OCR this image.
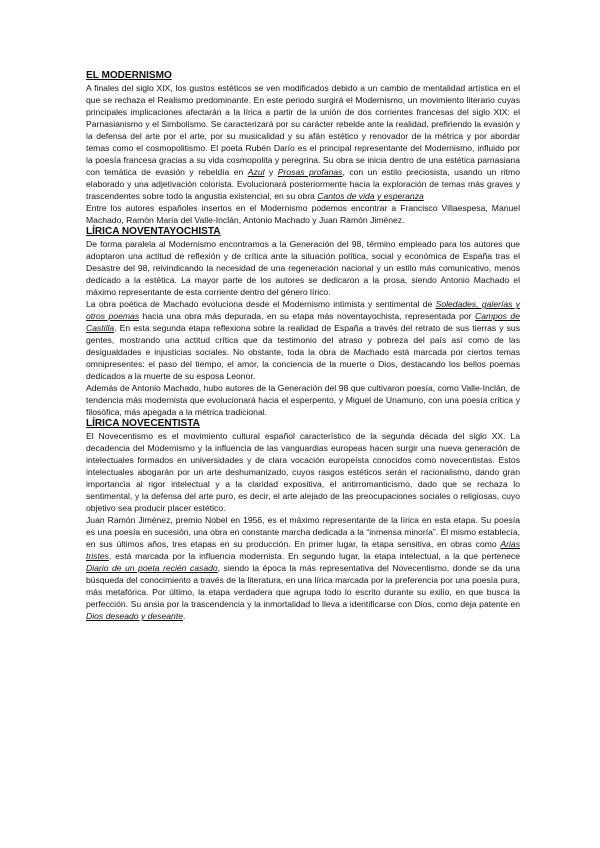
EL MODERNISMO

A finales del siglo XIX, los gustos estéticos se ven modificados debido a un cambio de mentalidad artística en el que se rechaza el Realismo predominante. En este periodo surgirá el Modernismo, un movimiento literario cuyas principales implicaciones afectarán a la lírica a partir de la unión de dos corrientes francesas del siglo XIX: el Parnasianismo y el Simbolismo. Se caracterizará por su carácter rebelde ante la realidad, prefiriendo la evasión y la defensa del arte por el arte, por su musicalidad y su afán estético y renovador de la métrica y por abordar temas como el cosmopolitismo. El poeta Rubén Darío es el principal representante del Modernismo, influido por la poesía francesa gracias a su vida cosmopolita y peregrina. Su obra se inicia dentro de una estética parnasiana con temática de evasión y rebeldía en Azul y Prosas profanas, con un estilo preciosista, usando un ritmo elaborado y una adjetivación colorista. Evolucionará posteriormente hacia la exploración de temas más graves y trascendentes sobre todo la angustia existencial, en su obra Cantos de vida y esperanza

Entre los autores españoles insertos en el Modernismo podemos encontrar a Francisco Villaespesa, Manuel Machado, Ramón María del Valle-Inclán, Antonio Machado y Juan Ramón Jiménez.

LÍRICA NOVENTAYOCHISTA

De forma paralela al Modernismo encontramos a la Generación del 98, término empleado para los autores que adoptaron una actitud de reflexión y de crítica ante la situación política, social y económica de España tras el Desastre del 98, reivindicando la necesidad de una regeneración nacional y un estilo más comunicativo, menos dedicado a la estética. La mayor parte de los autores se dedicaron a la prosa, siendo Antonio Machado el máximo representante de esta corriente dentro del género lírico.

La obra poética de Machado evoluciona desde el Modernismo intimista y sentimental de Soledades, galerías y otros poemas hacia una obra más depurada, en su etapa más noventayochista, representada por Campos de Castilla. En esta segunda etapa reflexiona sobre la realidad de España a través del retrato de sus tierras y sus gentes, mostrando una actitud crítica que da testimonio del atraso y pobreza del país así como de las desigualdades e injusticias sociales. No obstante, toda la obra de Machado está marcada por ciertos temas omnipresentes: el paso del tiempo, el amor, la conciencia de la muerte o Dios, destacando los bellos poemas dedicados a la muerte de su esposa Leonor.

Además de Antonio Machado, hubo autores de la Generación del 98 que cultivaron poesía, como Valle-Inclán, de tendencia más modernista que evolucionará hacia el esperpento, y Miguel de Unamuno, con una poesía crítica y filosófica, más apegada a la métrica tradicional.

LÍRICA NOVECENTISTA

El Novecentismo es el movimiento cultural español característico de la segunda década del siglo XX. La decadencia del Modernismo y la influencia de las vanguardias europeas hacen surgir una nueva generación de intelectuales formados en universidades y de clara vocación europeísta conocidos como novecentistas. Estos intelectuales abogarán por un arte deshumanizado, cuyos rasgos estéticos serán el racionalismo, dando gran importancia al rigor intelectual y a la claridad expositiva, el antirromanticismo, dado que se rechaza lo sentimental, y la defensa del arte puro, es decir, el arte alejado de las preocupaciones sociales o religiosas, cuyo objetivo sea producir placer estético.

Juan Ramón Jiménez, premio Nobel en 1956, es el máximo representante de la lírica en esta etapa. Su poesía es una poesía en sucesión, una obra en constante marcha dedicada a la “inmensa minoría”. Él mismo establecía, en sus últimos años, tres etapas en su producción. En primer lugar, la etapa sensitiva, en obras como Arias tristes, está marcada por la influencia modernista. En segundo lugar, la etapa intelectual, a la que pertenece Diario de un poeta recién casado, siendo la época la más representativa del Novecentismo, donde se da una búsqueda del conocimiento a través de la literatura, en una lírica marcada por la preferencia por una poesía pura, más metafórica. Por último, la etapa verdadera que agrupa todo lo escrito durante su exilio, en que busca la perfección. Su ansia por la trascendencia y la inmortalidad lo lleva a identificarse con Dios, como deja patente en Dios deseado y deseante.
